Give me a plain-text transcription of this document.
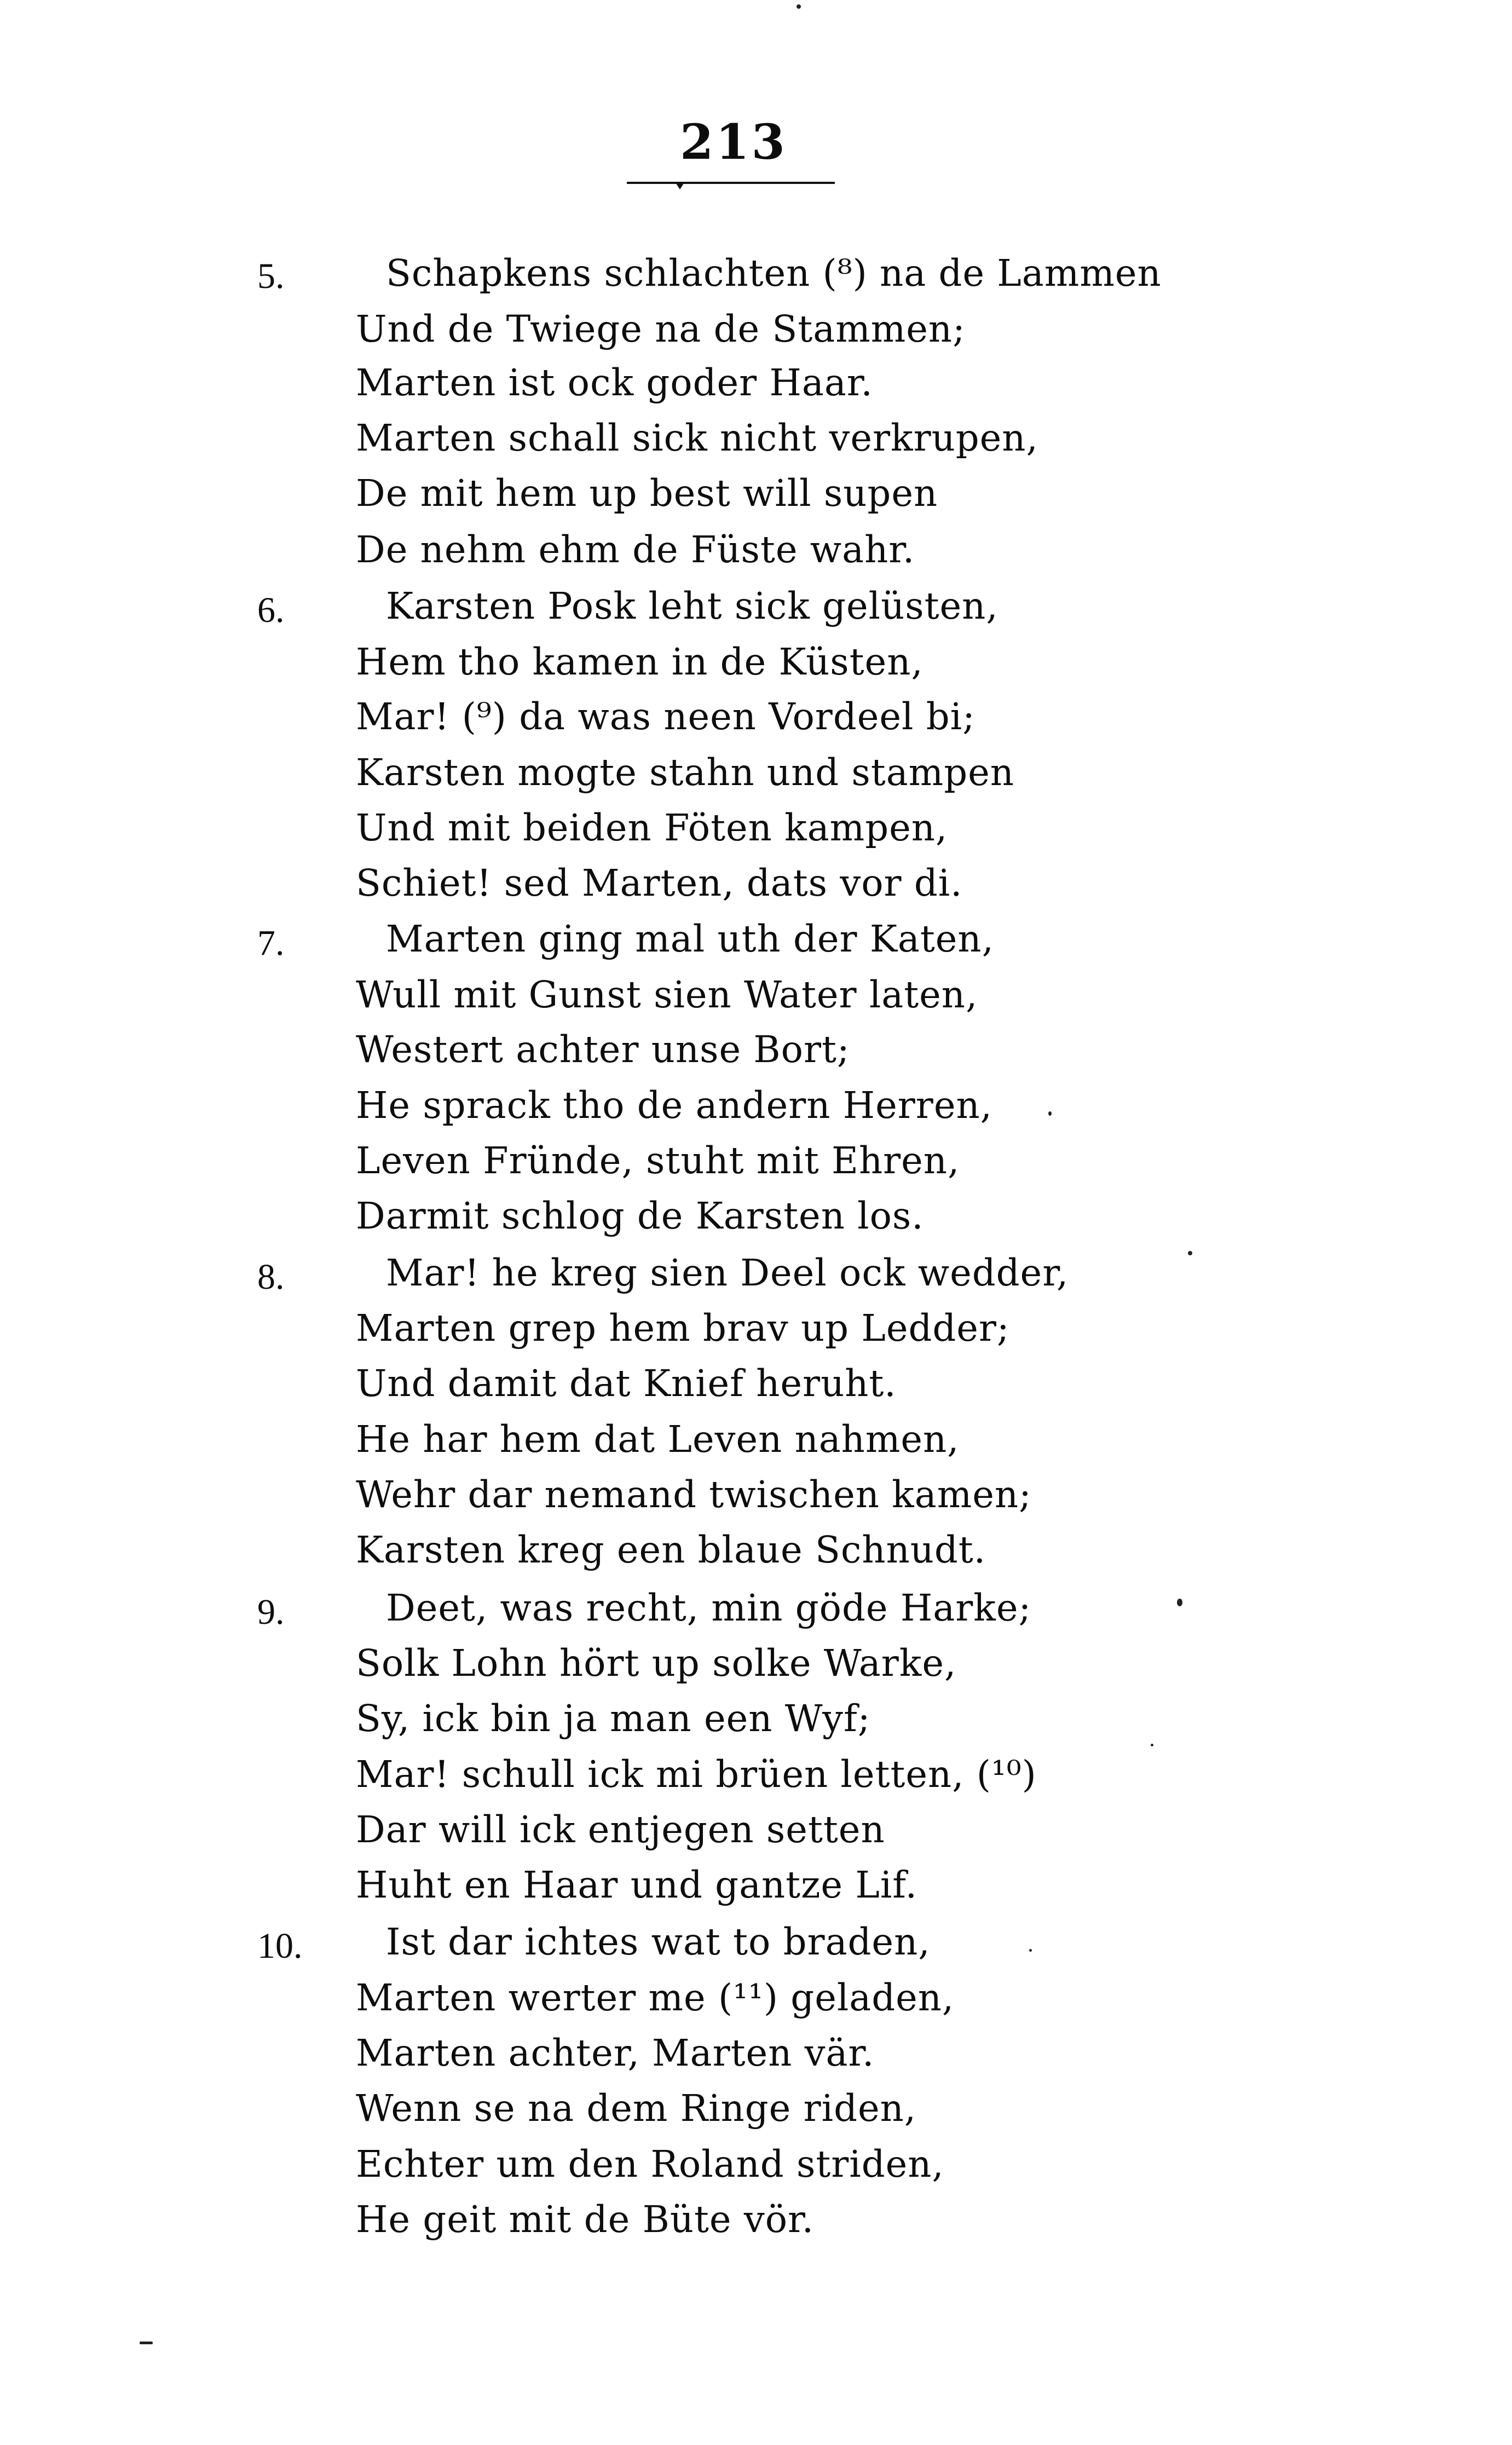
213
5.	Schapkens schlachten (⁸) na de Lammen
Und de Twiege na de Stammen;
Marten ist ock goder Haar.
Marten schall sick nicht verkrupen,
De mit hem up best will supen
De nehm ehm de Füste wahr.
6.	Karsten Posk leht sick gelüsten,
Hem tho kamen in de Küsten,
Mar! (⁹) da was neen Vordeel bi;
Karsten mogte stahn und stampen
Und mit beiden Föten kampen,
Schiet! sed Marten, dats vor di.
7.	Marten ging mal uth der Katen,
Wull mit Gunst sien Water laten,
Westert achter unse Bort;
He sprack tho de andern Herren,
Leven Fründe, stuht mit Ehren,
Darmit schlog de Karsten los.
8.	Mar! he kreg sien Deel ock wedder,
Marten grep hem brav up Ledder;
Und damit dat Knief heruht.
He har hem dat Leven nahmen,
Wehr dar nemand twischen kamen;
Karsten kreg een blaue Schnudt.
9.	Deet, was recht, min göde Harke;
Solk Lohn hört up solke Warke,
Sy, ick bin ja man een Wyf;
Mar! schull ick mi brüen letten, (¹⁰)
Dar will ick entjegen setten
Huht en Haar und gantze Lif.
10.	Ist dar ichtes wat to braden,
Marten werter me (¹¹) geladen,
Marten achter, Marten vär.
Wenn se na dem Ringe riden,
Echter um den Roland striden,
He geit mit de Büte vör.
